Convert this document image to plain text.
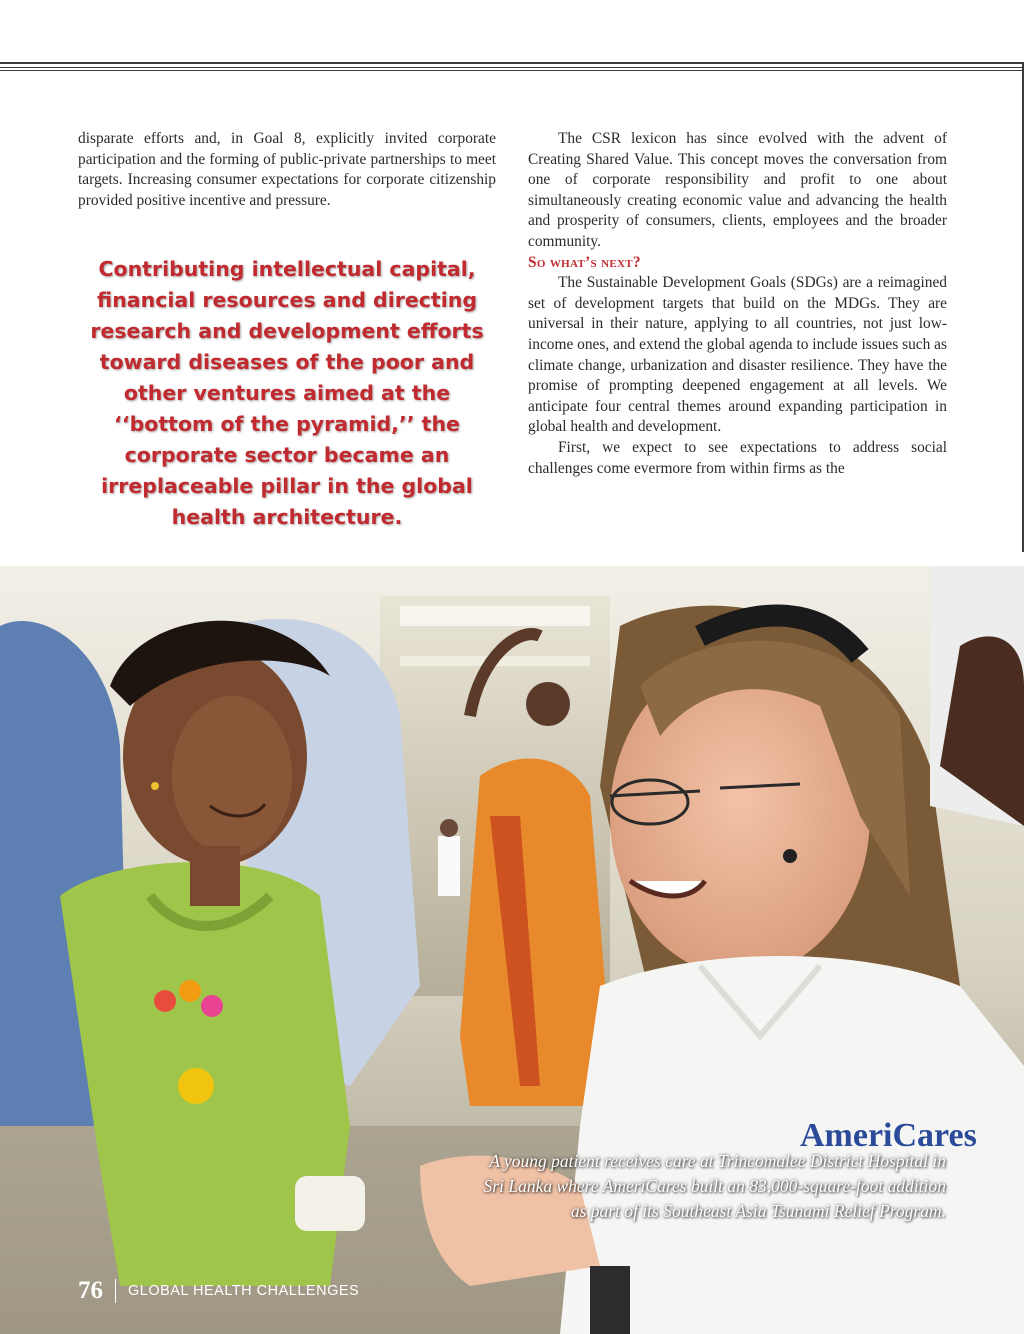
disparate efforts and, in Goal 8, explicitly invited corporate participation and the forming of public-private partnerships to meet targets. Increasing consumer expectations for corporate citizenship provided positive incentive and pressure.

Contributing intellectual capital, financial resources and directing research and development efforts toward diseases of the poor and other ventures aimed at the ‘‘bottom of the pyramid,’’ the corporate sector became an irreplaceable pillar in the global health architecture.

The CSR lexicon has since evolved with the advent of Creating Shared Value. This concept moves the conversation from one of corporate responsibility and profit to one about simultaneously creating economic value and advancing the health and prosperity of consumers, clients, employees and the broader community.

So what’s next?

The Sustainable Development Goals (SDGs) are a reimagined set of development targets that build on the MDGs. They are universal in their nature, applying to all countries, not just low-income ones, and extend the global agenda to include issues such as climate change, urbanization and disaster resilience. They have the promise of prompting deepened engagement at all levels. We anticipate four central themes around expanding participation in global health and development.

First, we expect to see expectations to address social challenges come evermore from within firms as the

AmeriCares
A young patient receives care at Trincomalee District Hospital in Sri Lanka where AmeriCares built an 83,000-square-foot addition as part of its Southeast Asia Tsunami Relief Program.
76 GLOBAL HEALTH CHALLENGES
